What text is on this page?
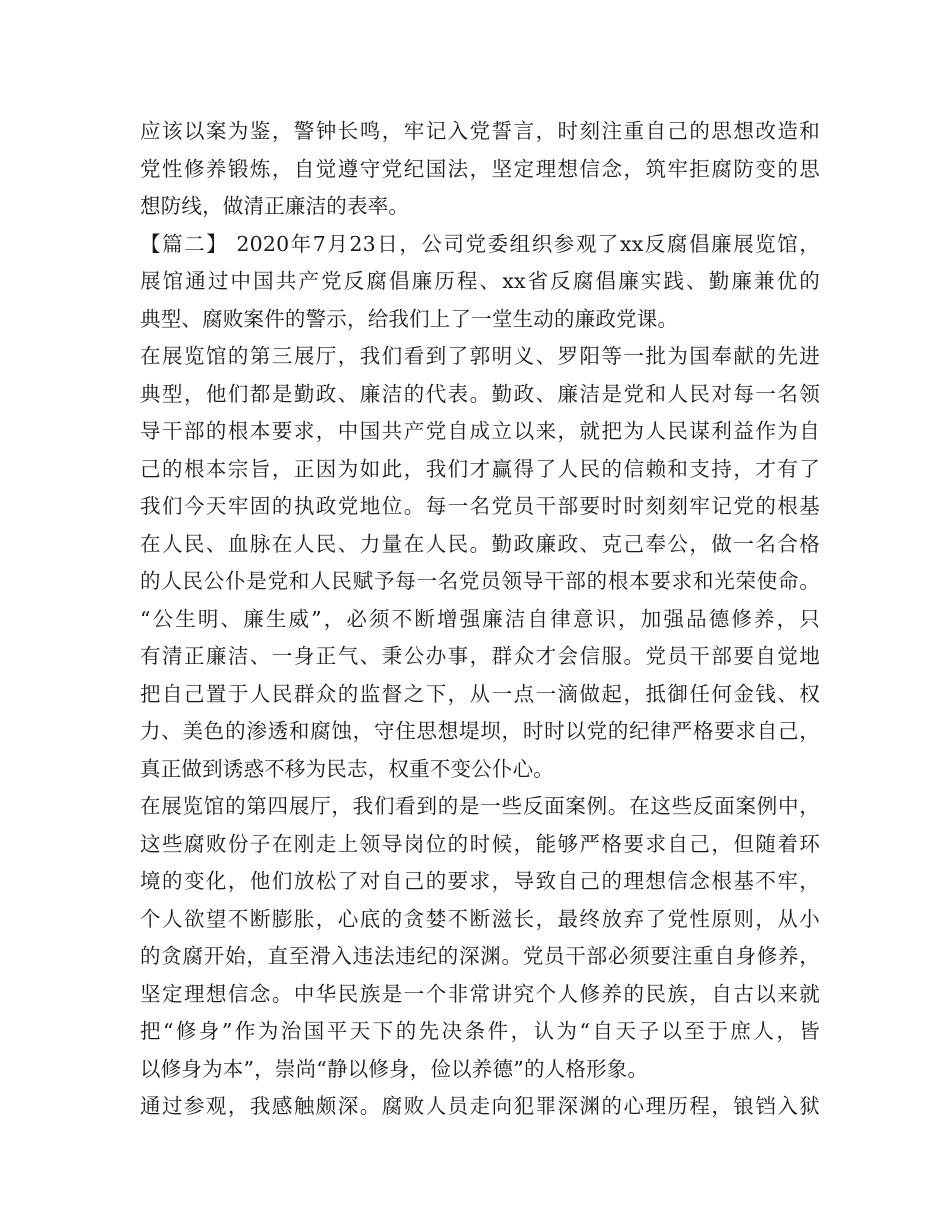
应该以案为鉴，警钟长鸣，牢记入党誓言，时刻注重自己的思想改造和
党性修养锻炼，自觉遵守党纪国法，坚定理想信念，筑牢拒腐防变的思
想防线，做清正廉洁的表率。
【篇二】 2020年7月23日，公司党委组织参观了xx反腐倡廉展览馆，
展馆通过中国共产党反腐倡廉历程、xx省反腐倡廉实践、勤廉兼优的
典型、腐败案件的警示，给我们上了一堂生动的廉政党课。
在展览馆的第三展厅，我们看到了郭明义、罗阳等一批为国奉献的先进
典型，他们都是勤政、廉洁的代表。勤政、廉洁是党和人民对每一名领
导干部的根本要求，中国共产党自成立以来，就把为人民谋利益作为自
己的根本宗旨，正因为如此，我们才赢得了人民的信赖和支持，才有了
我们今天牢固的执政党地位。每一名党员干部要时时刻刻牢记党的根基
在人民、血脉在人民、力量在人民。勤政廉政、克己奉公，做一名合格
的人民公仆是党和人民赋予每一名党员领导干部的根本要求和光荣使命。
“公生明、廉生威”，必须不断增强廉洁自律意识，加强品德修养，只
有清正廉洁、一身正气、秉公办事，群众才会信服。党员干部要自觉地
把自己置于人民群众的监督之下，从一点一滴做起，抵御任何金钱、权
力、美色的渗透和腐蚀，守住思想堤坝，时时以党的纪律严格要求自己，
真正做到诱惑不移为民志，权重不变公仆心。
在展览馆的第四展厅，我们看到的是一些反面案例。在这些反面案例中，
这些腐败份子在刚走上领导岗位的时候，能够严格要求自己，但随着环
境的变化，他们放松了对自己的要求，导致自己的理想信念根基不牢，
个人欲望不断膨胀，心底的贪婪不断滋长，最终放弃了党性原则，从小
的贪腐开始，直至滑入违法违纪的深渊。党员干部必须要注重自身修养，
坚定理想信念。中华民族是一个非常讲究个人修养的民族，自古以来就
把“修身”作为治国平天下的先决条件，认为“自天子以至于庶人，皆
以修身为本”，崇尚“静以修身，俭以养德”的人格形象。
通过参观，我感触颇深。腐败人员走向犯罪深渊的心理历程，锒铛入狱
